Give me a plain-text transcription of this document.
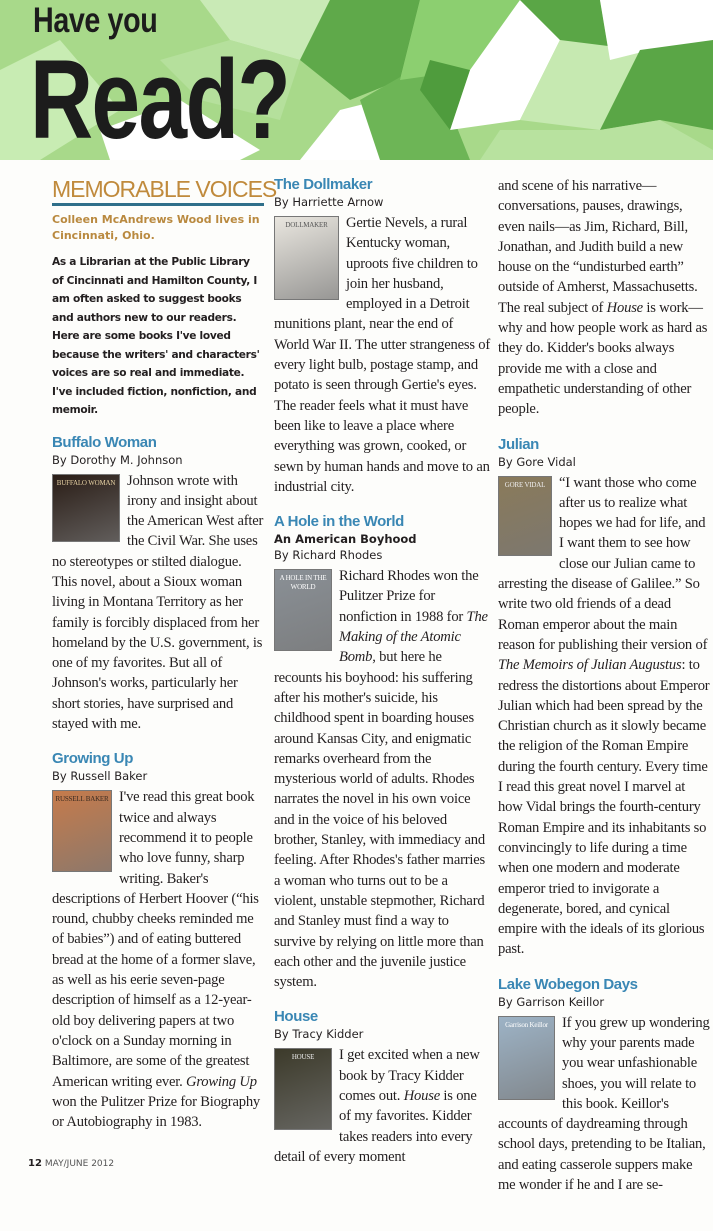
Have you
Read?
MEMORABLE VOICES
Colleen McAndrews Wood lives in Cincinnati, Ohio.
As a Librarian at the Public Library of Cincinnati and Hamilton County, I am often asked to suggest books and authors new to our readers. Here are some books I've loved because the writers' and characters' voices are so real and immediate. I've included fiction, nonfiction, and memoir.
Buffalo Woman
By Dorothy M. Johnson
BUFFALO WOMAN Johnson wrote with irony and insight about the American West after the Civil War. She uses no stereotypes or stilted dialogue. This novel, about a Sioux woman living in Montana Territory as her family is forcibly displaced from her homeland by the U.S. government, is one of my favorites. But all of Johnson's works, particularly her short stories, have surprised and stayed with me.
Growing Up
By Russell Baker
RUSSELL BAKER I've read this great book twice and always recommend it to people who love funny, sharp writing. Baker's descriptions of Herbert Hoover (“his round, chubby cheeks reminded me of babies”) and of eating buttered bread at the home of a former slave, as well as his eerie seven-page description of himself as a 12-year-old boy delivering papers at two o'clock on a Sunday morning in Baltimore, are some of the greatest American writing ever. Growing Up won the Pulitzer Prize for Biography or Autobiography in 1983.
12 MAY/JUNE 2012
The Dollmaker
By Harriette Arnow
DOLLMAKER	Gertie Nevels, a rural Kentucky woman, uproots five children to join her husband, employed in a Detroit munitions plant, near the end of World War II. The utter strangeness of every light bulb, postage stamp, and potato is seen through Gertie's eyes. The reader feels what it must have been like to leave a place where everything was grown, cooked, or sewn by human hands and move to an industrial city.
A Hole in the World
An American Boyhood
By Richard Rhodes
A HOLE IN THE WORLD
Richard Rhodes won the Pulitzer Prize for nonfiction in 1988 for The Making of the Atomic Bomb, but here he recounts his boyhood: his suffering after his mother's suicide, his childhood spent in boarding houses around Kansas City, and enigmatic remarks overheard from the mysterious world of adults. Rhodes narrates the novel in his own voice and in the voice of his beloved brother, Stanley, with immediacy and feeling. After Rhodes's father marries a woman who turns out to be a violent, unstable stepmother, Richard and Stanley must find a way to survive by relying on little more than each other and the juvenile justice system.
House
By Tracy Kidder
HOUSE	I get excited when a new book by Tracy Kidder comes out. House is one of my favorites. Kidder takes readers into every detail of every moment
and scene of his narrative—conversations, pauses, drawings, even nails—as Jim, Richard, Bill, Jonathan, and Judith build a new house on the “undisturbed earth” outside of Amherst, Massachusetts. The real subject of House is work—why and how people work as hard as they do. Kidder's books always provide me with a close and empathetic understanding of other people.
Julian
By Gore Vidal
GORE VIDAL “I want those who come after us to realize what hopes we had for life, and I want them to see how close our Julian came to arresting the disease of Galilee.” So write two old friends of a dead Roman emperor about the main reason for publishing their version of The Memoirs of Julian Augustus: to redress the distortions about Emperor Julian which had been spread by the Christian church as it slowly became the religion of the Roman Empire during the fourth century. Every time I read this great novel I marvel at how Vidal brings the fourth-century Roman Empire and its inhabitants so convincingly to life during a time when one modern and moderate emperor tried to invigorate a degenerate, bored, and cynical empire with the ideals of its glorious past.
Lake Wobegon Days
By Garrison Keillor
Garrison Keillor If you grew up wondering why your parents made you wear unfashionable shoes, you will relate to this book. Keillor's accounts of daydreaming through school days, pretending to be Italian, and eating casserole suppers make me wonder if he and I are se-
